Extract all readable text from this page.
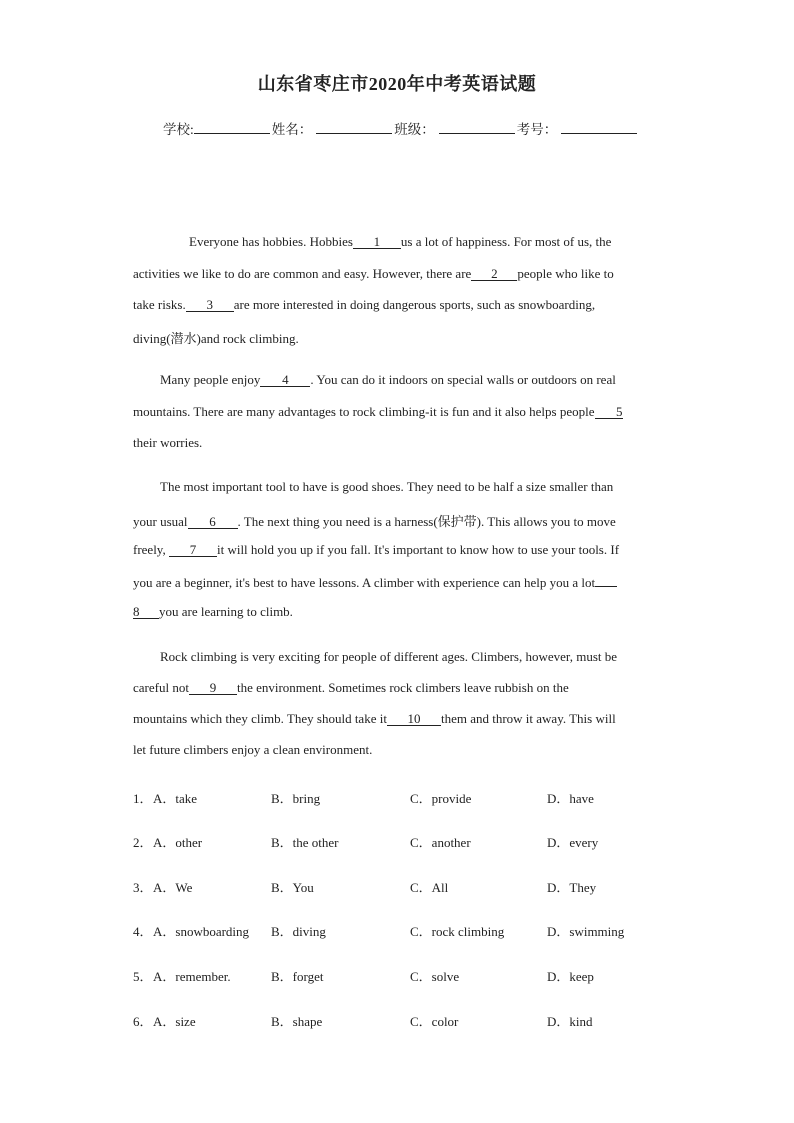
山东省枣庄市2020年中考英语试题
学校:	姓名：	班级：	考号：
Everyone has hobbies. Hobbies 1 us a lot of happiness. For most of us, the
activities we like to do are common and easy. However, there are 2 people who like to
take risks. 3 are more interested in doing dangerous sports, such as snowboarding,
diving(潜水)and rock climbing.
Many people enjoy 4 . You can do it indoors on special walls or outdoors on real
mountains. There are many advantages to rock climbing-it is fun and it also helps people 5
their worries.
The most important tool to have is good shoes. They need to be half a size smaller than
your usual 6 . The next thing you need is a harness(保护带). This allows you to move
freely, 7 it will hold you up if you fall. It's important to know how to use your tools. If
you are a beginner, it's best to have lessons. A climber with experience can help you a lot
8 you are learning to climb.
Rock climbing is very exciting for people of different ages. Climbers, however, must be
careful not 9 the environment. Sometimes rock climbers leave rubbish on the
mountains which they climb. They should take it 10 them and throw it away. This will
let future climbers enjoy a clean environment.
1． A．take	B．bring	C．provide	D．have
2． A．other	B．the other	C．another	D．every
3． A．We	B．You	C．All	D．They
4． A．snowboarding B．diving	C．rock climbing	D．swimming
5． A．remember.	B．forget	C．solve	D．keep
6． A．size	B．shape	C．color	D．kind
